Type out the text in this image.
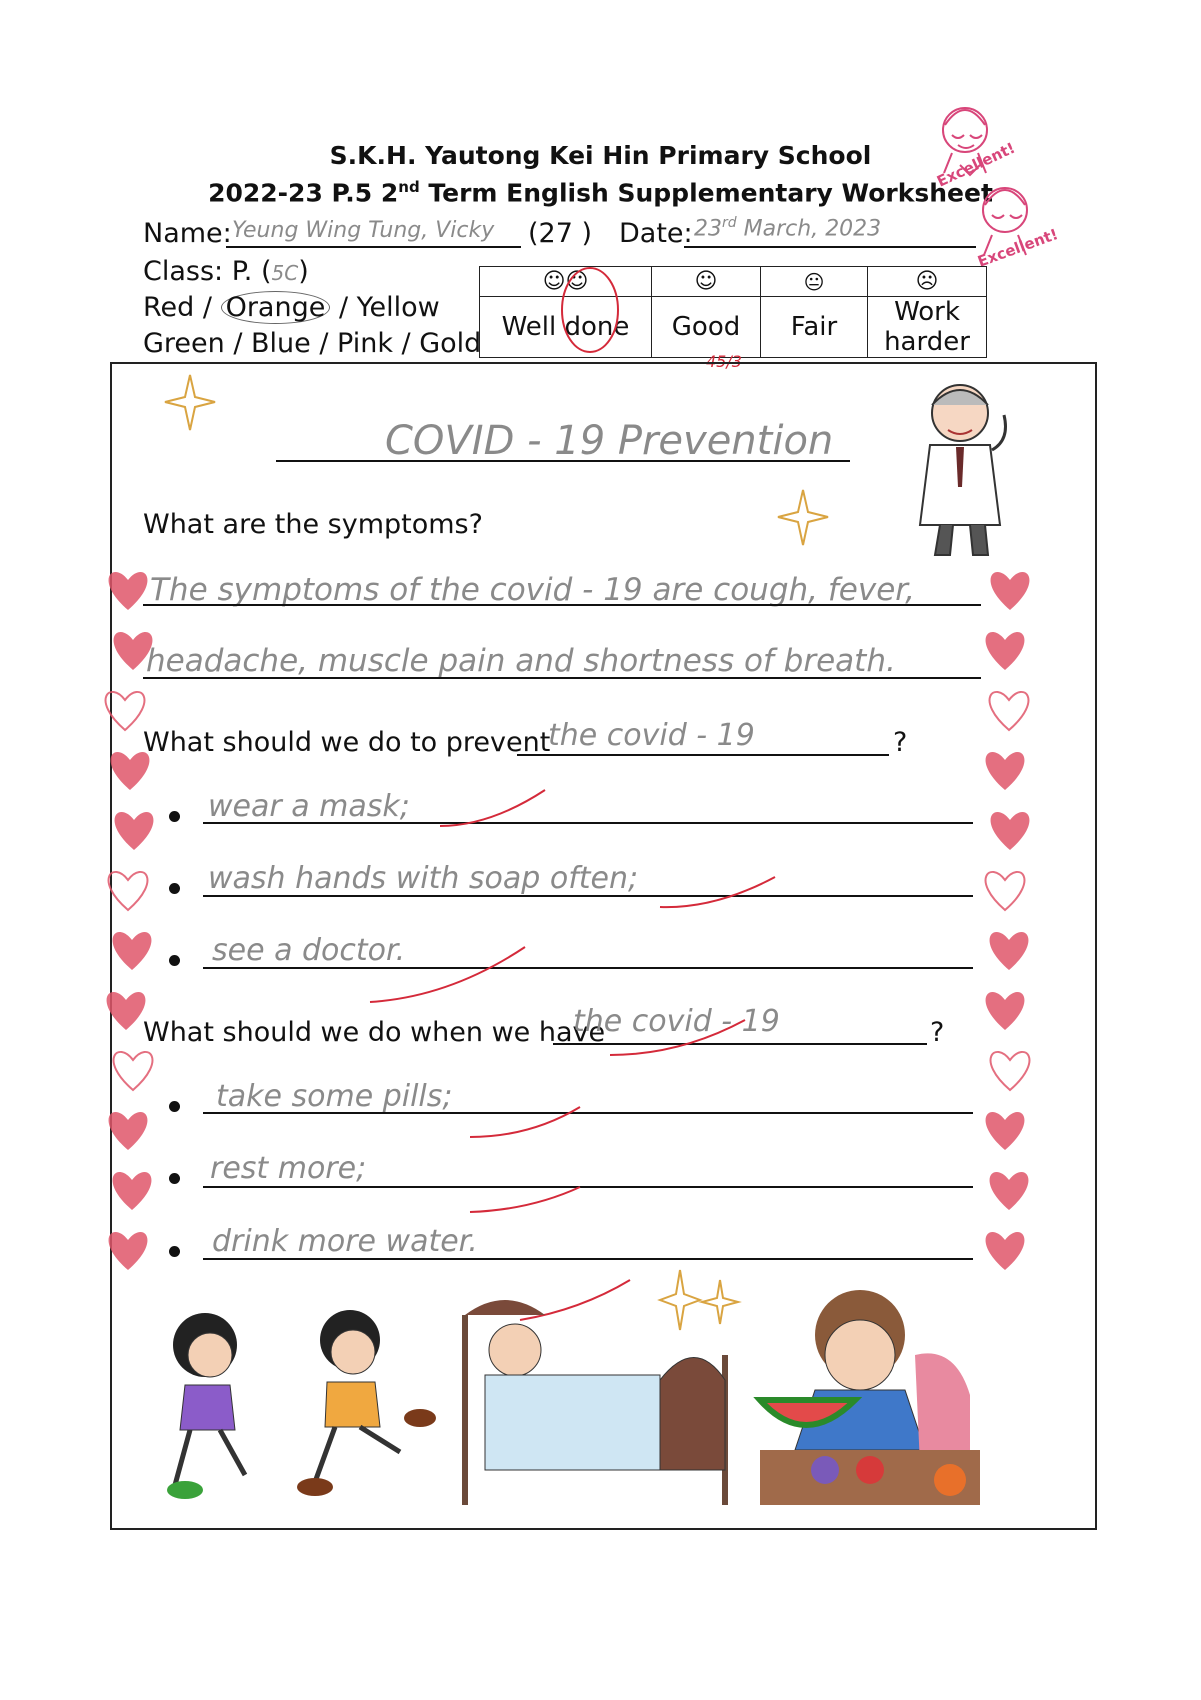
S.K.H. Yautong Kei Hin Primary School
2022-23 P.5 2nd Term English Supplementary Worksheet
Excellent!
Excellent!
Name: Yeung Wing Tung, Vicky (27 ) Date: 23rd March, 2023
Class: P. (5C)
Red / Orange / Yellow
Green / Blue / Pink / Gold
☺☺	☺	😐	☹
Well done	Good	Fair	Work harder
45/3
COVID - 19 Prevention
What are the symptoms?
The symptoms of the covid - 19 are cough, fever,
headache, muscle pain and shortness of breath.
What should we do to prevent
the covid - 19	?
wear a mask;
wash hands with soap often;
see a doctor.
What should we do when we have
the covid - 19	?
take some pills;
rest more;
drink more water.
